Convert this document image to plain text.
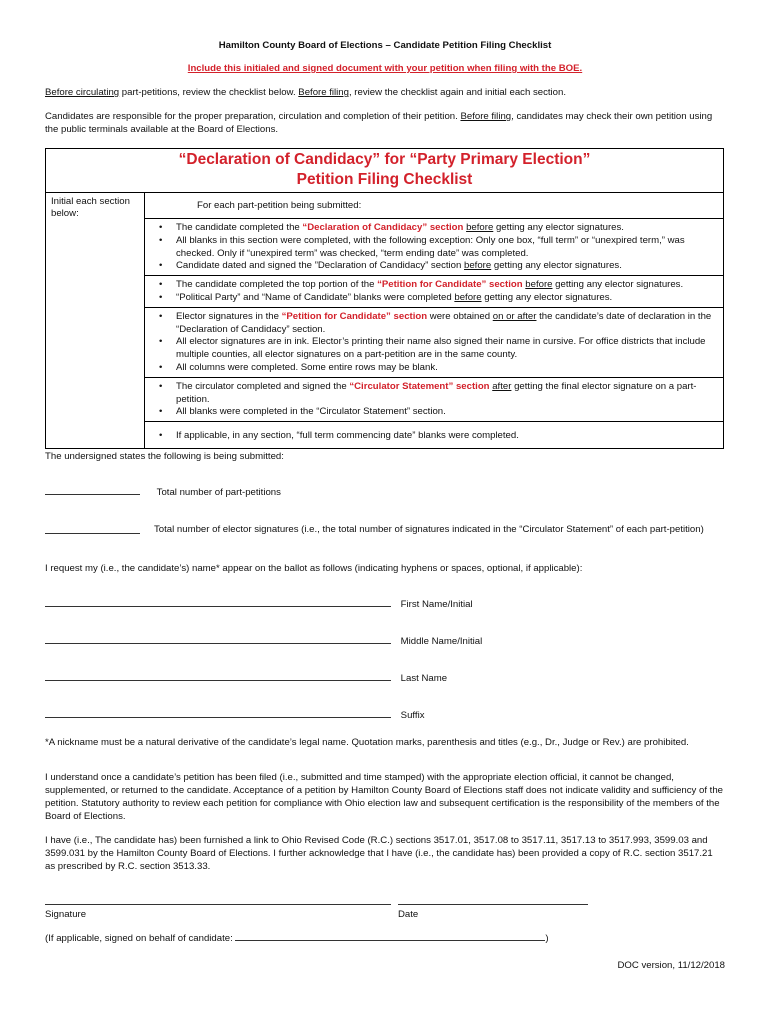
Hamilton County Board of Elections – Candidate Petition Filing Checklist

Include this initialed and signed document with your petition when filing with the BOE.

Before circulating part-petitions, review the checklist below. Before filing, review the checklist again and initial each section.

Candidates are responsible for the proper preparation, circulation and completion of their petition. Before filing, candidates may check their own petition using the public terminals available at the Board of Elections.

“Declaration of Candidacy” for “Party Primary Election”
Petition Filing Checklist

Initial each section below:	For each part-petition being submitted:

• The candidate completed the “Declaration of Candidacy” section before getting any elector signatures.
• All blanks in this section were completed, with the following exception: Only one box, “full term” or “unexpired term,” was checked. Only if “unexpired term” was checked, “term ending date” was completed.
• Candidate dated and signed the ”Declaration of Candidacy” section before getting any elector signatures.

• The candidate completed the top portion of the “Petition for Candidate” section before getting any elector signatures.
• “Political Party” and “Name of Candidate” blanks were completed before getting any elector signatures.

• Elector signatures in the “Petition for Candidate” section were obtained on or after the candidate’s date of declaration in the “Declaration of Candidacy” section.
• All elector signatures are in ink. Elector’s printing their name also signed their name in cursive. For office districts that include multiple counties, all elector signatures on a part-petition are in the same county.
• All columns were completed. Some entire rows may be blank.

• The circulator completed and signed the “Circulator Statement” section after getting the final elector signature on a part-petition.
• All blanks were completed in the “Circulator Statement” section.

• If applicable, in any section, “full term commencing date” blanks were completed.

The undersigned states the following is being submitted:

Total number of part-petitions

Total number of elector signatures (i.e., the total number of signatures indicated in the “Circulator Statement” of each part-petition)

I request my (i.e., the candidate’s) name* appear on the ballot as follows (indicating hyphens or spaces, optional, if applicable):

First Name/Initial
Middle Name/Initial
Last Name
Suffix

*A nickname must be a natural derivative of the candidate’s legal name. Quotation marks, parenthesis and titles (e.g., Dr., Judge or Rev.) are prohibited.

I understand once a candidate’s petition has been filed (i.e., submitted and time stamped) with the appropriate election official, it cannot be changed, supplemented, or returned to the candidate. Acceptance of a petition by Hamilton County Board of Elections staff does not indicate validity and sufficiency of the petition. Statutory authority to review each petition for compliance with Ohio election law and subsequent certification is the responsibility of the members of the Board of Elections.

I have (i.e., The candidate has) been furnished a link to Ohio Revised Code (R.C.) sections 3517.01, 3517.08 to 3517.11, 3517.13 to 3517.993, 3599.03 and 3599.031 by the Hamilton County Board of Elections. I further acknowledge that I have (i.e., the candidate has) been provided a copy of R.C. section 3517.21 as prescribed by R.C. section 3513.33.

Signature	Date
(If applicable, signed on behalf of candidate:	)

DOC version, 11/12/2018
